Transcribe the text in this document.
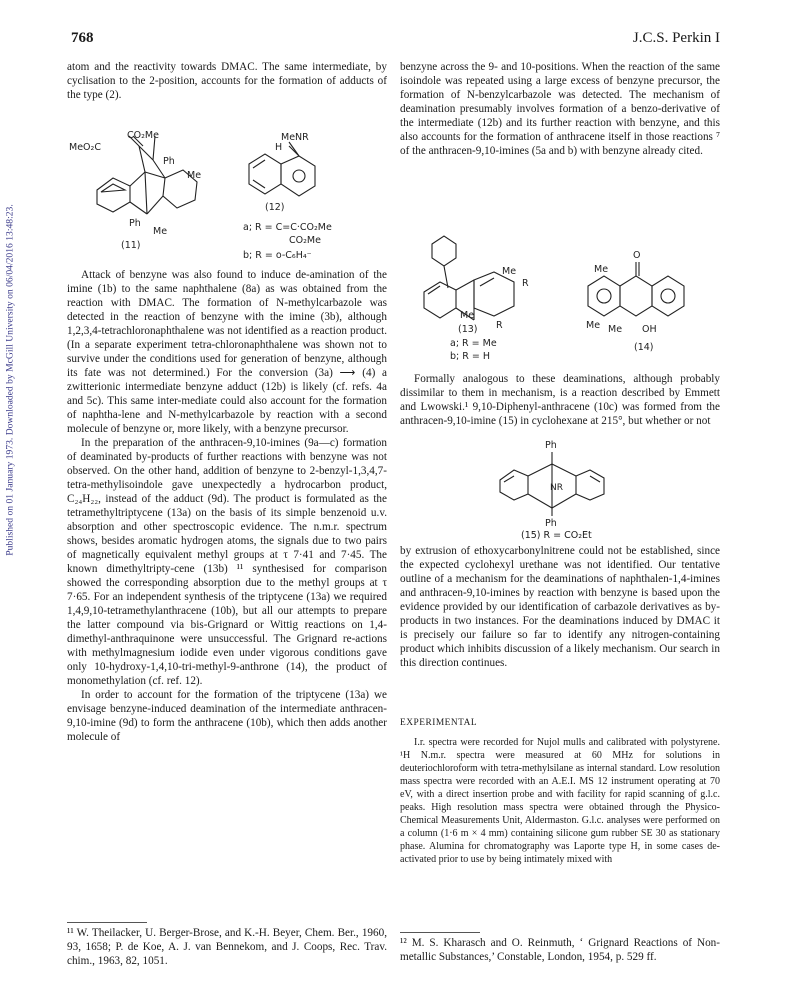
Published on 01 January 1973. Downloaded by McGill University on 06/04/2016 13:48:23.
768	J.C.S. Perkin I

atom and the reactivity towards DMAC. The same intermediate, by cyclisation to the 2-position, accounts for the formation of adducts of the type (2).

CO₂Me
MeO₂C
Ph
Me
Ph
Me
(11)
MeNR
H
(12)
a; R = C=C·CO₂Me
CO₂Me
b; R = o-C₆H₄⁻

Attack of benzyne was also found to induce de-amination of the imine (1b) to the same naphthalene (8a) as was obtained from the reaction with DMAC. The formation of N-methylcarbazole was detected in the reaction of benzyne with the imine (3b), although 1,2,3,4-tetrachloronaphthalene was not identified as a reaction product. (In a separate experiment tetra-chloronaphthalene was shown not to survive under the conditions used for generation of benzyne, although its fate was not determined.) For the conversion (3a) ⟶ (4) a zwitterionic intermediate benzyne adduct (12b) is likely (cf. refs. 4a and 5c). This same inter-mediate could also account for the formation of naphtha-lene and N-methylcarbazole by reaction with a second molecule of benzyne or, more likely, with a benzyne precursor.

In the preparation of the anthracen-9,10-imines (9a—c) formation of deaminated by-products of further reactions with benzyne was not observed. On the other hand, addition of benzyne to 2-benzyl-1,3,4,7-tetra-methylisoindole gave unexpectedly a hydrocarbon product, C₂₄H₂₂, instead of the adduct (9d). The product is formulated as the tetramethyltriptycene (13a) on the basis of its simple benzenoid u.v. absorption and other spectroscopic evidence. The n.m.r. spectrum shows, besides aromatic hydrogen atoms, the signals due to two pairs of magnetically equivalent methyl groups at τ 7·41 and 7·45. The known dimethyltripty-cene (13b) ¹¹ synthesised for comparison showed the corresponding absorption due to the methyl groups at τ 7·65. For an independent synthesis of the triptycene (13a) we required 1,4,9,10-tetramethylanthracene (10b), but all our attempts to prepare the latter compound via bis-Grignard or Wittig reactions on 1,4-dimethyl-anthraquinone were unsuccessful. The Grignard re-actions with methylmagnesium iodide even under vigorous conditions gave only 10-hydroxy-1,4,10-tri-methyl-9-anthrone (14), the product of monomethylation (cf. ref. 12).

In order to account for the formation of the triptycene (13a) we envisage benzyne-induced deamination of the intermediate anthracen-9,10-imine (9d) to form the anthracene (10b), which then adds another molecule of

¹¹ W. Theilacker, U. Berger-Brose, and K.-H. Beyer, Chem. Ber., 1960, 93, 1658; P. de Koe, A. J. van Bennekom, and J. Coops, Rec. Trav. chim., 1963, 82, 1051.

benzyne across the 9- and 10-positions. When the reaction of the same isoindole was repeated using a large excess of benzyne precursor, the formation of N-benzylcarbazole was detected. The mechanism of deamination presumably involves formation of a benzo-derivative of the intermediate (12b) and its further reaction with benzyne, and this also accounts for the formation of anthracene itself in those reactions ⁷ of the anthracen-9,10-imines (5a and b) with benzyne already cited.

Me
R
Me
R
(13)
a; R = Me
b; R = H
O
Me
Me Me OH
(14)

Formally analogous to these deaminations, although probably dissimilar to them in mechanism, is a reaction described by Emmett and Lwowski.¹ 9,10-Diphenyl-anthracene (10c) was formed from the anthracen-9,10-imine (15) in cyclohexane at 215°, but whether or not

Ph
NR
Ph
(15) R = CO₂Et

by extrusion of ethoxycarbonylnitrene could not be established, since the expected cyclohexyl urethane was not identified. Our tentative outline of a mechanism for the deaminations of naphthalen-1,4-imines and anthracen-9,10-imines by reaction with benzyne is based upon the evidence provided by our identification of carbazole derivatives as by-products in two instances. For the deaminations induced by DMAC it is precisely our failure so far to identify any nitrogen-containing product which inhibits discussion of a likely mechanism. Our search in this direction continues.

EXPERIMENTAL

I.r. spectra were recorded for Nujol mulls and calibrated with polystyrene. ¹H N.m.r. spectra were measured at 60 MHz for solutions in deuteriochloroform with tetra-methylsilane as internal standard. Low resolution mass spectra were recorded with an A.E.I. MS 12 instrument operating at 70 eV, with a direct insertion probe and with facility for rapid scanning of g.l.c. peaks. High resolution mass spectra were obtained through the Physico-Chemical Measurements Unit, Aldermaston. G.l.c. analyses were performed on a column (1·6 m × 4 mm) containing silicone gum rubber SE 30 as stationary phase. Alumina for chromatography was Laporte type H, in some cases de-activated prior to use by being intimately mixed with

¹² M. S. Kharasch and O. Reinmuth, ‘ Grignard Reactions of Non-metallic Substances,’ Constable, London, 1954, p. 529 ff.
